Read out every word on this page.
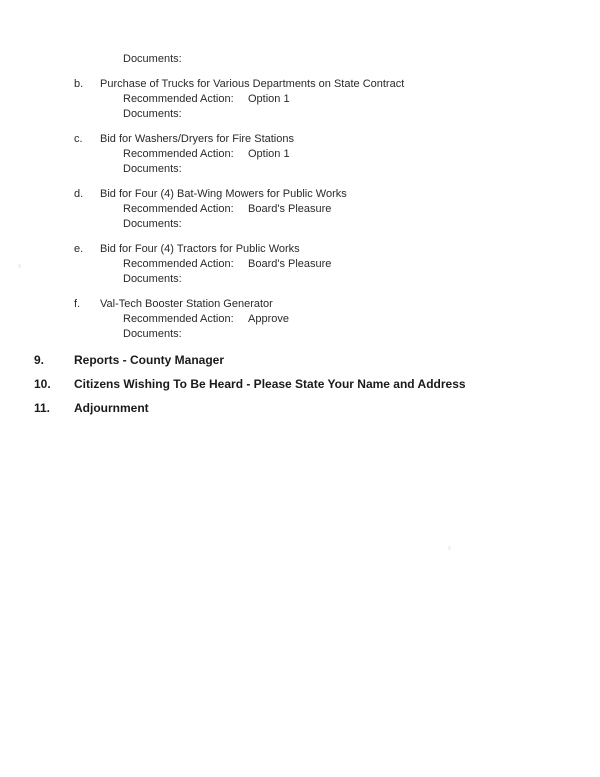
Documents:
b. Purchase of Trucks for Various Departments on State Contract
Recommended Action: Option 1
Documents:
c. Bid for Washers/Dryers for Fire Stations
Recommended Action: Option 1
Documents:
d. Bid for Four (4) Bat-Wing Mowers for Public Works
Recommended Action: Board's Pleasure
Documents:
e. Bid for Four (4) Tractors for Public Works
Recommended Action: Board's Pleasure
Documents:
f. Val-Tech Booster Station Generator
Recommended Action: Approve
Documents:
9. Reports - County Manager
10. Citizens Wishing To Be Heard - Please State Your Name and Address
11. Adjournment
